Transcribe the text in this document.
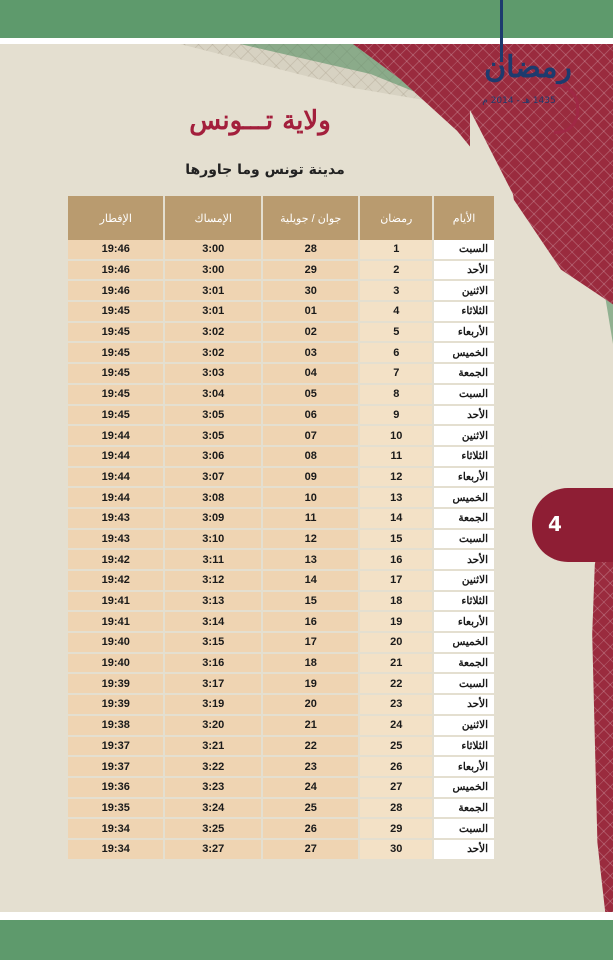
رمضان
1435 هـ - 2014 م
ولاية تـــونس
مدينة تونس وما جاورها
الإفطار	الإمساك	جوان / جويلية	رمضان	الأيام
19:46	3:00	28	1	السبت
19:46	3:00	29	2	الأحد
19:46	3:01	30	3	الاثنين
19:45	3:01	01	4	الثلاثاء
19:45	3:02	02	5	الأربعاء
19:45	3:02	03	6	الخميس
19:45	3:03	04	7	الجمعة
19:45	3:04	05	8	السبت
19:45	3:05	06	9	الأحد
19:44	3:05	07	10	الاثنين
19:44	3:06	08	11	الثلاثاء
19:44	3:07	09	12	الأربعاء
19:44	3:08	10	13	الخميس
19:43	3:09	11	14	الجمعة
19:43	3:10	12	15	السبت
19:42	3:11	13	16	الأحد
19:42	3:12	14	17	الاثنين
19:41	3:13	15	18	الثلاثاء
19:41	3:14	16	19	الأربعاء
19:40	3:15	17	20	الخميس
19:40	3:16	18	21	الجمعة
19:39	3:17	19	22	السبت
19:39	3:19	20	23	الأحد
19:38	3:20	21	24	الاثنين
19:37	3:21	22	25	الثلاثاء
19:37	3:22	23	26	الأربعاء
19:36	3:23	24	27	الخميس
19:35	3:24	25	28	الجمعة
19:34	3:25	26	29	السبت
19:34	3:27	27	30	الأحد
4
